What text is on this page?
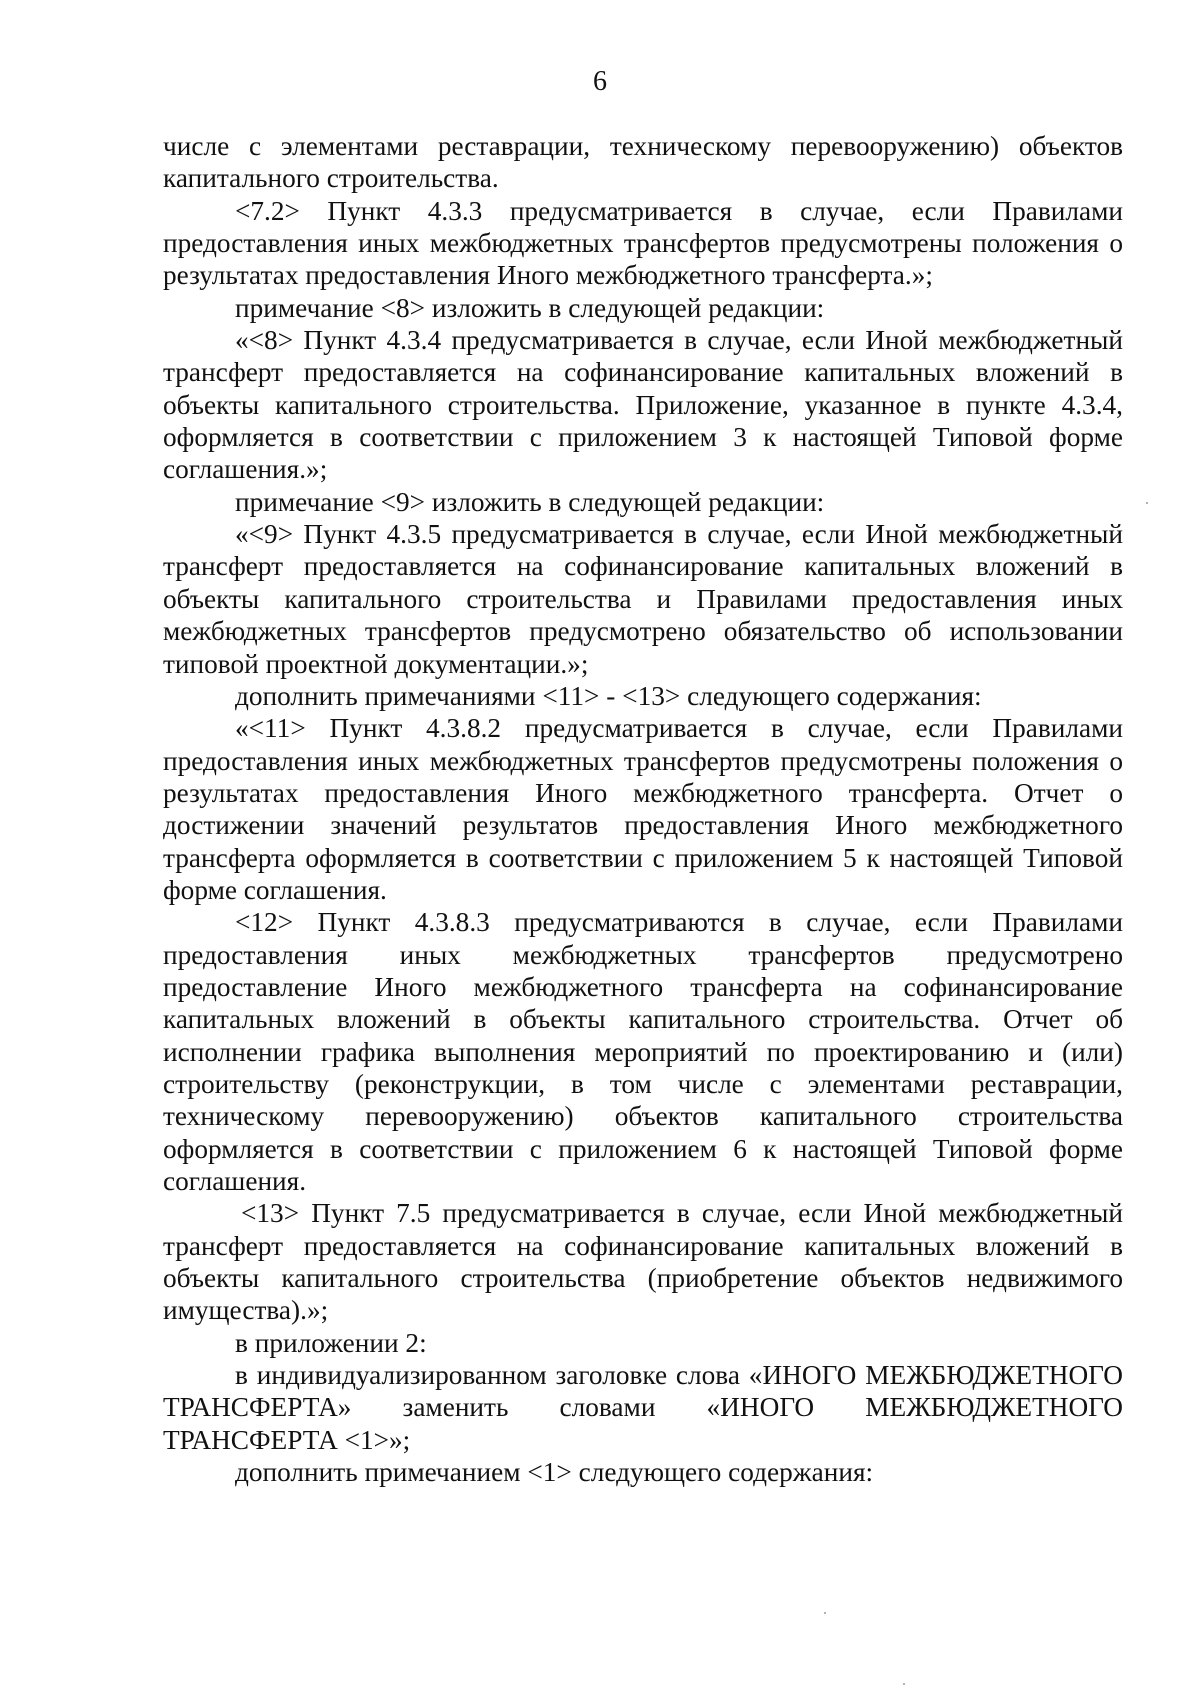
6

числе с элементами реставрации, техническому перевооружению) объектов капитального строительства.

<7.2> Пункт 4.3.3 предусматривается в случае, если Правилами предоставления иных межбюджетных трансфертов предусмотрены положения о результатах предоставления Иного межбюджетного трансферта.»;

примечание <8> изложить в следующей редакции:

«<8> Пункт 4.3.4 предусматривается в случае, если Иной межбюджетный трансферт предоставляется на софинансирование капитальных вложений в объекты капитального строительства. Приложение, указанное в пункте 4.3.4, оформляется в соответствии с приложением 3 к настоящей Типовой форме соглашения.»;

примечание <9> изложить в следующей редакции:

«<9> Пункт 4.3.5 предусматривается в случае, если Иной межбюджетный трансферт предоставляется на софинансирование капитальных вложений в объекты капитального строительства и Правилами предоставления иных межбюджетных трансфертов предусмотрено обязательство об использовании типовой проектной документации.»;

дополнить примечаниями <11> - <13> следующего содержания:

«<11> Пункт 4.3.8.2 предусматривается в случае, если Правилами предоставления иных межбюджетных трансфертов предусмотрены положения о результатах предоставления Иного межбюджетного трансферта. Отчет о достижении значений результатов предоставления Иного межбюджетного трансферта оформляется в соответствии с приложением 5 к настоящей Типовой форме соглашения.

<12> Пункт 4.3.8.3 предусматриваются в случае, если Правилами предоставления иных межбюджетных трансфертов предусмотрено предоставление Иного межбюджетного трансферта на софинансирование капитальных вложений в объекты капитального строительства. Отчет об исполнении графика выполнения мероприятий по проектированию и (или) строительству (реконструкции, в том числе с элементами реставрации, техническому перевооружению) объектов капитального строительства оформляется в соответствии с приложением 6 к настоящей Типовой форме соглашения.

<13> Пункт 7.5 предусматривается в случае, если Иной межбюджетный трансферт предоставляется на софинансирование капитальных вложений в объекты капитального строительства (приобретение объектов недвижимого имущества).»;

в приложении 2:

в индивидуализированном заголовке слова «ИНОГО МЕЖБЮДЖЕТНОГО ТРАНСФЕРТА» заменить словами «ИНОГО МЕЖБЮДЖЕТНОГО ТРАНСФЕРТА <1>»;

дополнить примечанием <1> следующего содержания:
